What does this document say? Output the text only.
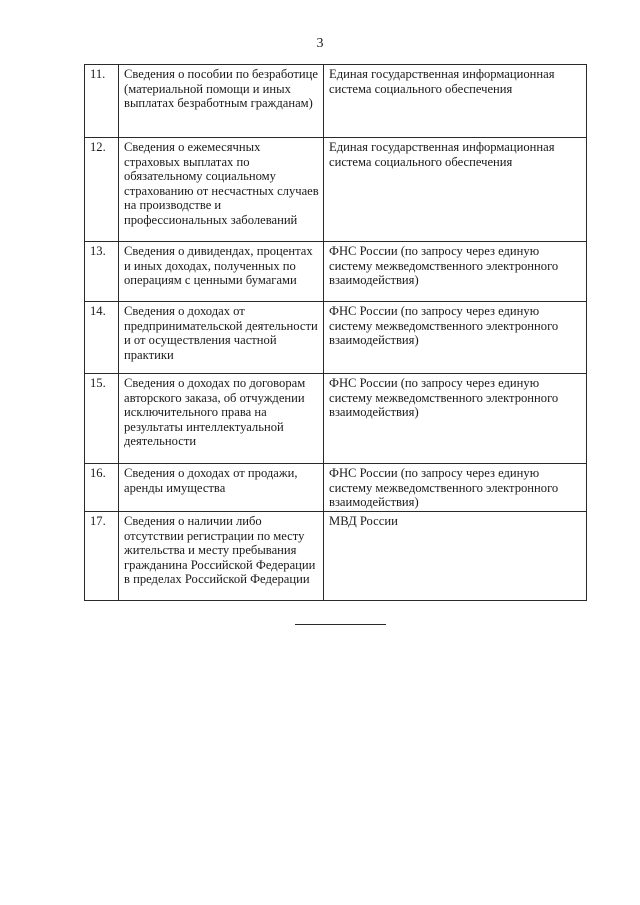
3
11.	Сведения о пособии по безработице (материальной помощи и иных выплатах безработным гражданам)	Единая государственная информационная система социального обеспечения
12.	Сведения о ежемесячных страховых выплатах по обязательному социальному страхованию от несчастных случаев на производстве и профессиональных заболеваний	Единая государственная информационная система социального обеспечения
13.	Сведения о дивидендах, процентах и иных доходах, полученных по операциям с ценными бумагами	ФНС России (по запросу через единую систему межведомственного электронного взаимодействия)
14.	Сведения о доходах от предпринимательской деятельности и от осуществления частной практики	ФНС России (по запросу через единую систему межведомственного электронного взаимодействия)
15.	Сведения о доходах по договорам авторского заказа, об отчуждении исключительного права на результаты интеллектуальной деятельности	ФНС России (по запросу через единую систему межведомственного электронного взаимодействия)
16.	Сведения о доходах от продажи, аренды имущества	ФНС России (по запросу через единую систему межведомственного электронного взаимодействия)
17.	Сведения о наличии либо отсутствии регистрации по месту жительства и месту пребывания гражданина Российской Федерации в пределах Российской Федерации	МВД России
